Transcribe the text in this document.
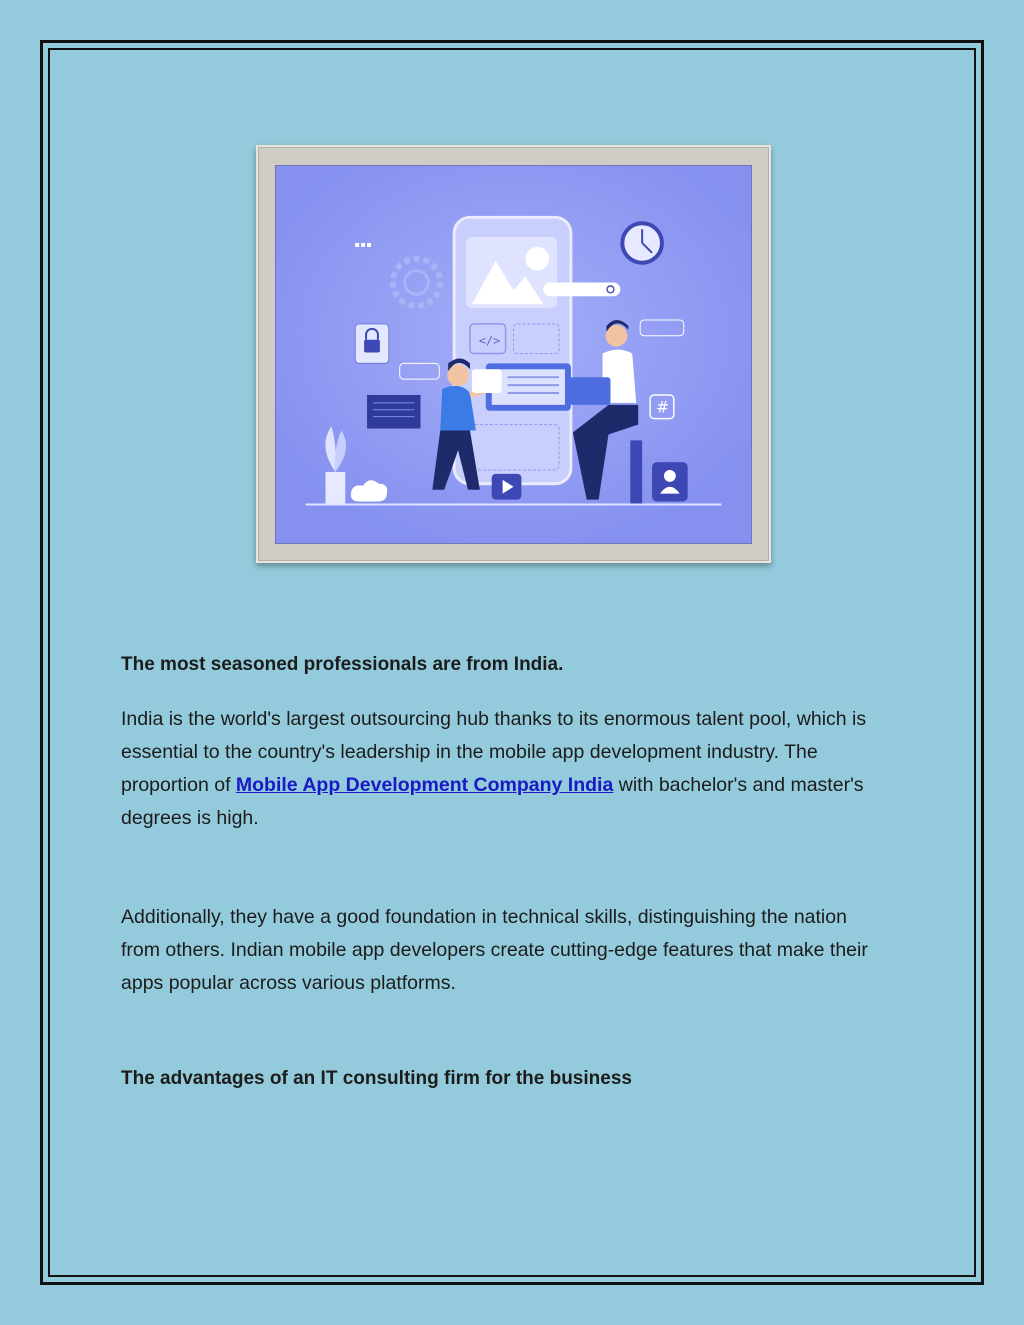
</>
#

The most seasoned professionals are from India.

India is the world's largest outsourcing hub thanks to its enormous talent pool, which is essential to the country's leadership in the mobile app development industry. The proportion of Mobile App Development Company India with bachelor's and master's degrees is high.

Additionally, they have a good foundation in technical skills, distinguishing the nation from others. Indian mobile app developers create cutting-edge features that make their apps popular across various platforms.

The advantages of an IT consulting firm for the business
